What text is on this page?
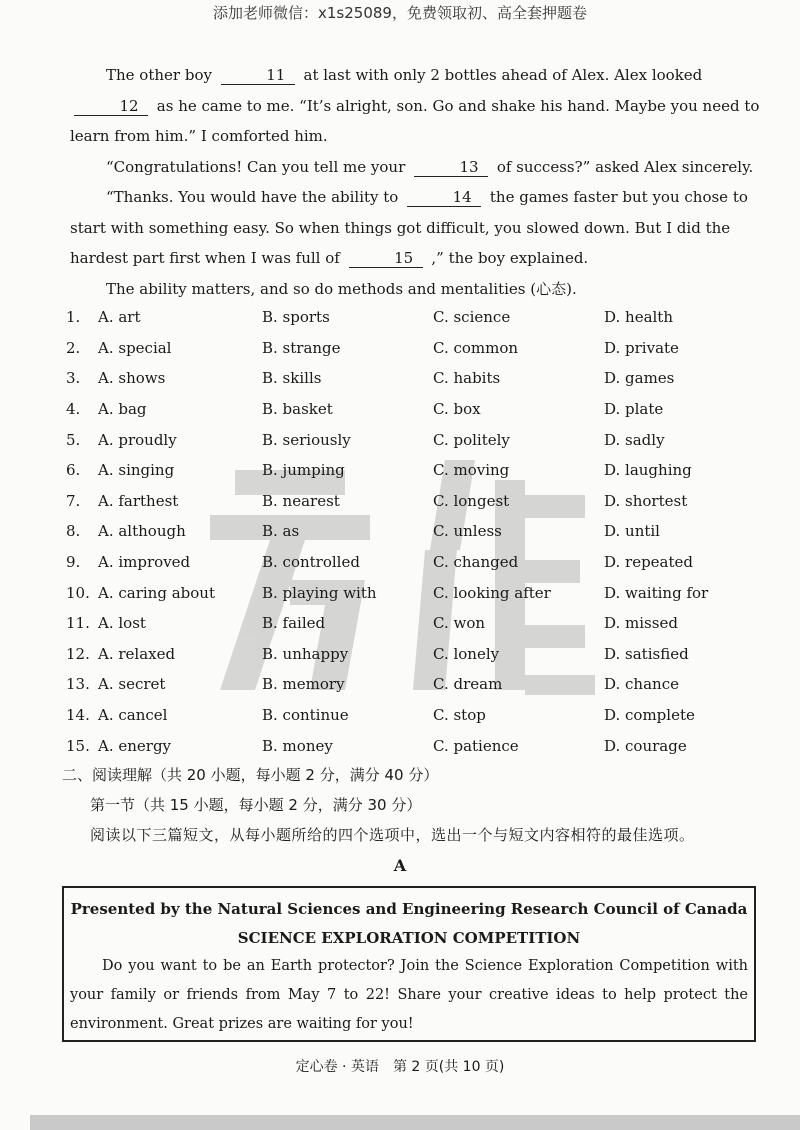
添加老师微信：x1s25089，免费领取初、高全套押题卷

The other boy	11 at last with only 2 bottles ahead of Alex. Alex looked 12 as he came to me. “It’s alright, son. Go and shake his hand. Maybe you need to learn from him.” I comforted him.

“Congratulations! Can you tell me your	13 of success?” asked Alex sincerely.

“Thanks. You would have the ability to	14 the games faster but you chose to start with something easy. So when things got difficult, you slowed down. But I did the hardest part first when I was full of	15 ,” the boy explained.

The ability matters, and so do methods and mentalities (心态).

1.	A. art	B. sports	C. science	D. health
2.	A. special	B. strange	C. common	D. private
3.	A. shows	B. skills	C. habits	D. games
4.	A. bag	B. basket	C. box	D. plate
5.	A. proudly	B. seriously	C. politely	D. sadly
6.	A. singing	B. jumping	C. moving	D. laughing
7.	A. farthest	B. nearest	C. longest	D. shortest
8.	A. although	B. as	C. unless	D. until
9.	A. improved	B. controlled	C. changed	D. repeated
10. A. caring about	B. playing with	C. looking after	D. waiting for
11. A. lost	B. failed	C. won	D. missed
12. A. relaxed	B. unhappy	C. lonely	D. satisfied
13. A. secret	B. memory	C. dream	D. chance
14. A. cancel	B. continue	C. stop	D. complete
15. A. energy	B. money	C. patience	D. courage
二、阅读理解（共 20 小题，每小题 2 分，满分 40 分）
第一节（共 15 小题，每小题 2 分，满分 30 分）
阅读以下三篇短文，从每小题所给的四个选项中，选出一个与短文内容相符的最佳选项。
A
Presented by the Natural Sciences and Engineering Research Council of Canada
SCIENCE EXPLORATION COMPETITION
Do you want to be an Earth protector? Join the Science Exploration Competition with your family or friends from May 7 to 22! Share your creative ideas to help protect the environment. Great prizes are waiting for you!
定心卷 · 英语　第 2 页(共 10 页)
